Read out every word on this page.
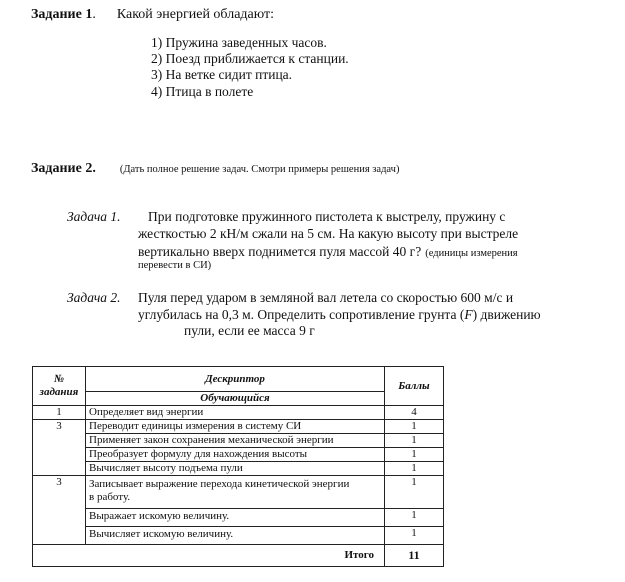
Задание 1. Какой энергией обладают:
1) Пружина заведенных часов.
2) Поезд приближается к станции.
3) На ветке сидит птица.
4) Птица в полете
Задание 2. (Дать полное решение задач. Смотри примеры решения задач)
Задача 1. При подготовке пружинного пистолета к выстрелу, пружину с
жесткостью 2 кН/м сжали на 5 см. На какую высоту при выстреле
вертикально вверх поднимется пуля массой 40 г? (единицы измерения
перевести в СИ)
Задача 2. Пуля перед ударом в земляной вал летела со скоростью 600 м/с и
углубилась на 0,3 м. Определить сопротивление грунта (F) движению
пули, если ее масса 9 г
№
задания	Дескриптор	Баллы
	Обучающийся	
1	Определяет вид энергии	4
3	Переводит единицы измерения в систему СИ	1
	Применяет закон сохранения механической энергии	1
	Преобразует формулу для нахождения высоты	1
	Вычисляет высоту подъема пули	1
3	Записывает выражение перехода кинетической энергии
в работу.	1
	Выражает искомую величину.	1
	Вычисляет искомую величину.	1
Итого		11
